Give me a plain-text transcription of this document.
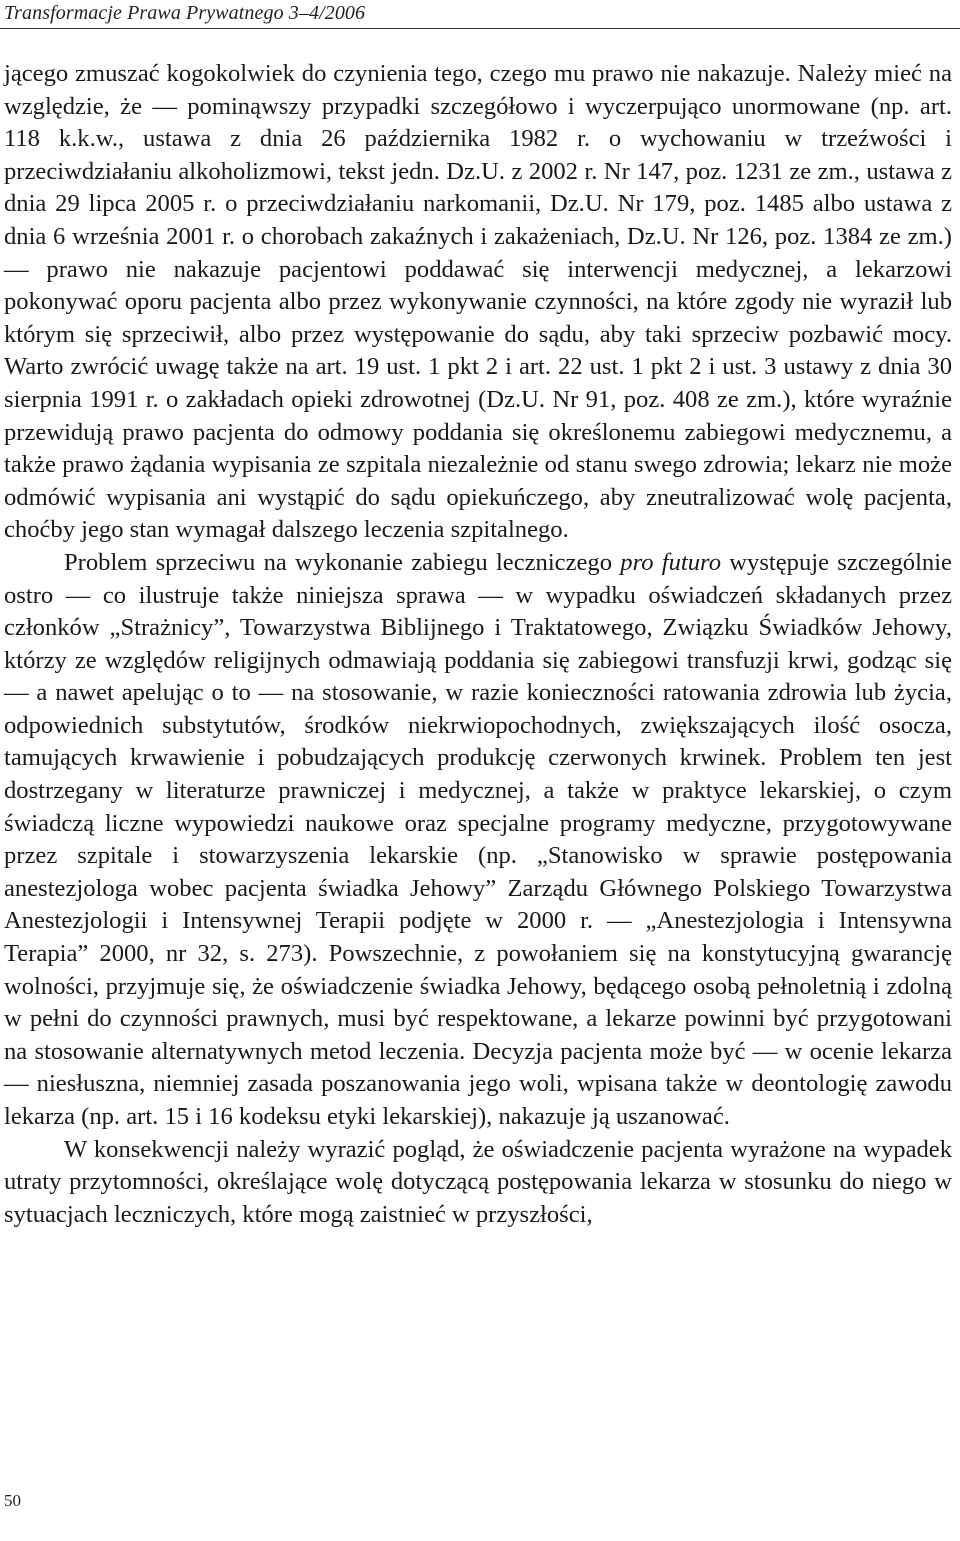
Transformacje Prawa Prywatnego 3–4/2006

jącego zmuszać kogokolwiek do czynienia tego, czego mu prawo nie nakazuje. Należy mieć na względzie, że — pominąwszy przypadki szczegółowo i wyczerpująco unormowane (np. art. 118 k.k.w., ustawa z dnia 26 października 1982 r. o wychowaniu w trzeźwości i przeciwdziałaniu alkoholizmowi, tekst jedn. Dz.U. z 2002 r. Nr 147, poz. 1231 ze zm., ustawa z dnia 29 lipca 2005 r. o przeciwdziałaniu narkomanii, Dz.U. Nr 179, poz. 1485 albo ustawa z dnia 6 września 2001 r. o chorobach zakaźnych i zakażeniach, Dz.U. Nr 126, poz. 1384 ze zm.) — prawo nie nakazuje pacjentowi poddawać się interwencji medycznej, a lekarzowi pokonywać oporu pacjenta albo przez wykonywanie czynności, na które zgody nie wyraził lub którym się sprzeciwił, albo przez występowanie do sądu, aby taki sprzeciw pozbawić mocy. Warto zwrócić uwagę także na art. 19 ust. 1 pkt 2 i art. 22 ust. 1 pkt 2 i ust. 3 ustawy z dnia 30 sierpnia 1991 r. o zakładach opieki zdrowotnej (Dz.U. Nr 91, poz. 408 ze zm.), które wyraźnie przewidują prawo pacjenta do odmowy poddania się określonemu zabiegowi medycznemu, a także prawo żądania wypisania ze szpitala niezależnie od stanu swego zdrowia; lekarz nie może odmówić wypisania ani wystąpić do sądu opiekuńczego, aby zneutralizować wolę pacjenta, choćby jego stan wymagał dalszego leczenia szpitalnego.

Problem sprzeciwu na wykonanie zabiegu leczniczego pro futuro występuje szczególnie ostro — co ilustruje także niniejsza sprawa — w wypadku oświadczeń składanych przez członków „Strażnicy”, Towarzystwa Biblijnego i Traktatowego, Związku Świadków Jehowy, którzy ze względów religijnych odmawiają poddania się zabiegowi transfuzji krwi, godząc się — a nawet apelując o to — na stosowanie, w razie konieczności ratowania zdrowia lub życia, odpowiednich substytutów, środków niekrwiopochodnych, zwiększających ilość osocza, tamujących krwawienie i pobudzających produkcję czerwonych krwinek. Problem ten jest dostrzegany w literaturze prawniczej i medycznej, a także w praktyce lekarskiej, o czym świadczą liczne wypowiedzi naukowe oraz specjalne programy medyczne, przygotowywane przez szpitale i stowarzyszenia lekarskie (np. „Stanowisko w sprawie postępowania anestezjologa wobec pacjenta świadka Jehowy” Zarządu Głównego Polskiego Towarzystwa Anestezjologii i Intensywnej Terapii podjęte w 2000 r. — „Anestezjologia i Intensywna Terapia” 2000, nr 32, s. 273). Powszechnie, z powołaniem się na konstytucyjną gwarancję wolności, przyjmuje się, że oświadczenie świadka Jehowy, będącego osobą pełnoletnią i zdolną w pełni do czynności prawnych, musi być respektowane, a lekarze powinni być przygotowani na stosowanie alternatywnych metod leczenia. Decyzja pacjenta może być — w ocenie lekarza — niesłuszna, niemniej zasada poszanowania jego woli, wpisana także w deontologię zawodu lekarza (np. art. 15 i 16 kodeksu etyki lekarskiej), nakazuje ją uszanować.

W konsekwencji należy wyrazić pogląd, że oświadczenie pacjenta wyrażone na wypadek utraty przytomności, określające wolę dotyczącą postępowania lekarza w stosunku do niego w sytuacjach leczniczych, które mogą zaistnieć w przyszłości,

50
